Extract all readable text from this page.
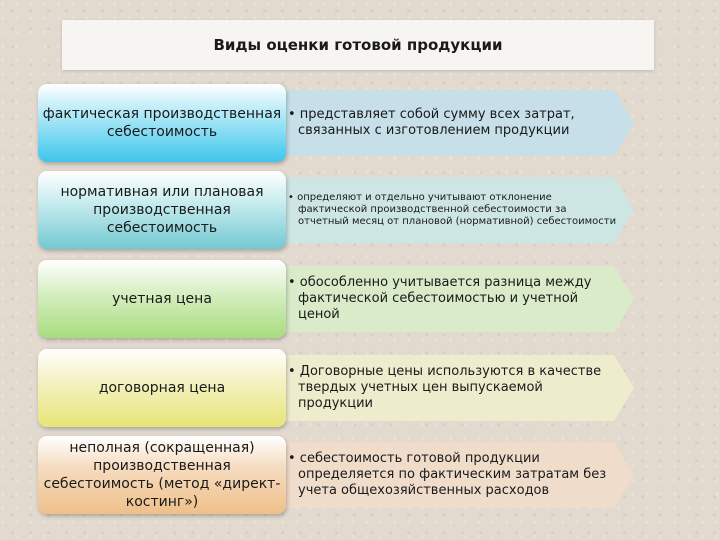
Виды оценки готовой продукции
фактическая производственная себестоимость
• представляет собой сумму всех затрат, связанных с изготовлением продукции
нормативная или плановая производственная себестоимость
• определяют и отдельно учитывают отклонение фактической производственной себестоимости за отчетный месяц от плановой (нормативной) себестоимости
учетная цена
• обособленно учитывается разница между фактической себестоимостью и учетной ценой
договорная цена
• Договорные цены используются в качестве твердых учетных цен выпускаемой продукции
неполная (сокращенная) производственная себестоимость (метод «директ-костинг»)
• себестоимость готовой продукции определяется по фактическим затратам без учета общехозяйственных расходов
